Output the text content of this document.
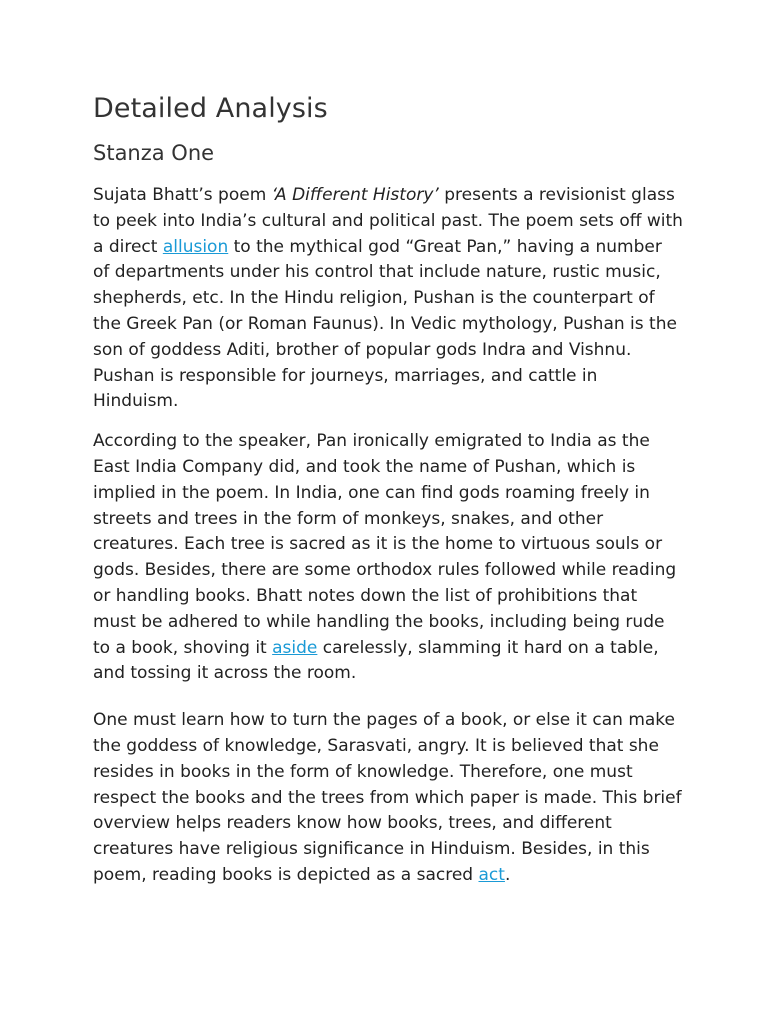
Detailed Analysis
Stanza One

Sujata Bhatt’s poem ‘A Different History’ presents a revisionist glass to peek into India’s cultural and political past. The poem sets off with a direct allusion to the mythical god “Great Pan,” having a number of departments under his control that include nature, rustic music, shepherds, etc. In the Hindu religion, Pushan is the counterpart of the Greek Pan (or Roman Faunus). In Vedic mythology, Pushan is the son of goddess Aditi, brother of popular gods Indra and Vishnu. Pushan is responsible for journeys, marriages, and cattle in Hinduism.

According to the speaker, Pan ironically emigrated to India as the East India Company did, and took the name of Pushan, which is implied in the poem. In India, one can find gods roaming freely in streets and trees in the form of monkeys, snakes, and other creatures. Each tree is sacred as it is the home to virtuous souls or gods. Besides, there are some orthodox rules followed while reading or handling books. Bhatt notes down the list of prohibitions that must be adhered to while handling the books, including being rude to a book, shoving it aside carelessly, slamming it hard on a table, and tossing it across the room.

One must learn how to turn the pages of a book, or else it can make the goddess of knowledge, Sarasvati, angry. It is believed that she resides in books in the form of knowledge. Therefore, one must respect the books and the trees from which paper is made. This brief overview helps readers know how books, trees, and different creatures have religious significance in Hinduism. Besides, in this poem, reading books is depicted as a sacred act.
